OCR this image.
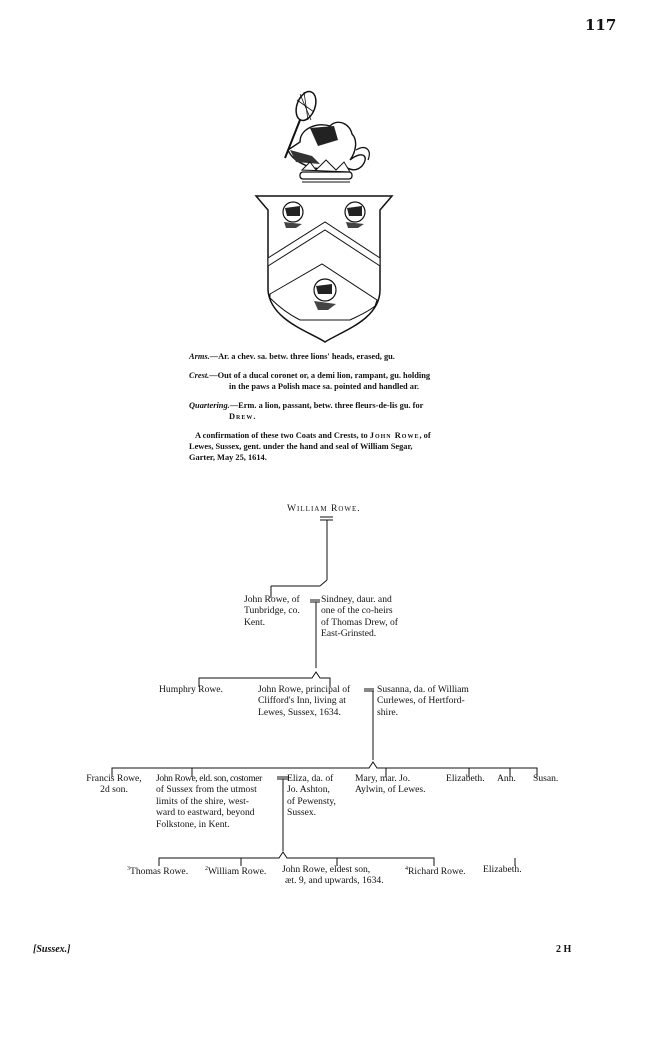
117
Arms.—Ar. a chev. sa. betw. three lions' heads, erased, gu.
Crest.—Out of a ducal coronet or, a demi lion, rampant, gu. holding
in the paws a Polish mace sa. pointed and handled ar.
Quartering.—Erm. a lion, passant, betw. three fleurs-de-lis gu. for
Drew.
A confirmation of these two Coats and Crests, to John Rowe, of
Lewes, Sussex, gent. under the hand and seal of William Segar,
Garter, May 25, 1614.
William Rowe.
John Rowe, of
Tunbridge, co.
Kent.
Sindney, daur. and
one of the co-heirs
of Thomas Drew, of
East-Grinsted.
Humphry Rowe.	John Rowe, principal of
Clifford's Inn, living at
Lewes, Sussex, 1634.
Susanna, da. of William
Curlewes, of Hertford-
shire.
Francis Rowe,
2d son.
John Rowe, eld. son, costomer
of Sussex from the utmost
limits of the shire, west-
ward to eastward, beyond
Folkstone, in Kent.
Eliza, da. of
Jo. Ashton,
of Pewensty,
Sussex.
Mary, mar. Jo.
Aylwin, of Lewes.
Elizabeth. Ann. Susan.
$^3$Thomas Rowe.	$^2$William Rowe. John Rowe, eldest son,
æt. 9, and upwards, 1634.
$^4$Richard Rowe. Elizabeth.
[Sussex.]	2 H
